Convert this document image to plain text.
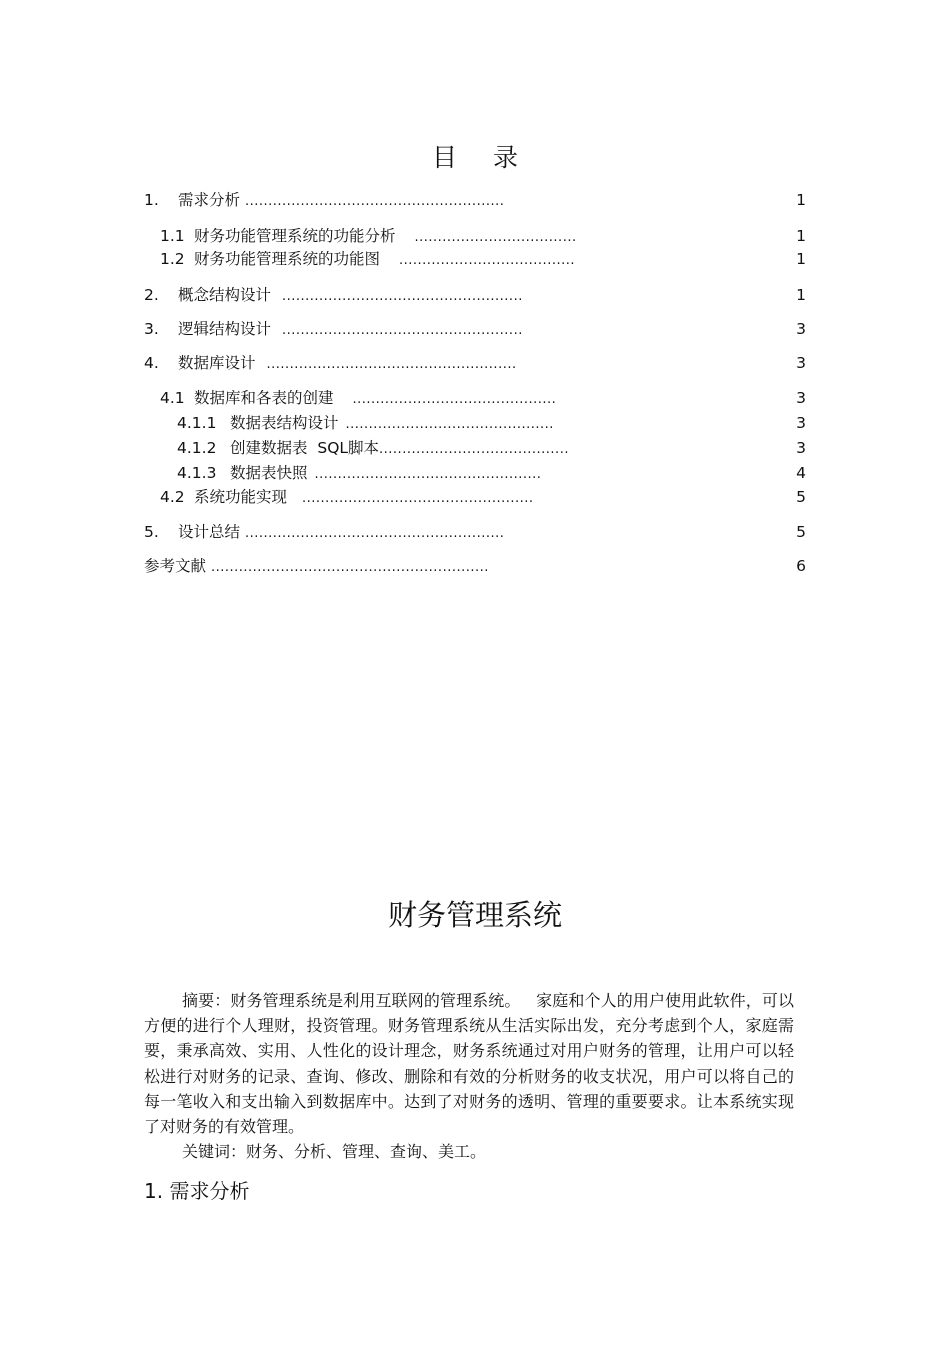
目 录
1. 需求分析 ........................................................	1
1.1 财务功能管理系统的功能分析 ...................................	1
1.2 财务功能管理系统的功能图 ......................................	1
2. 概念结构设计 ....................................................	1
3. 逻辑结构设计 ....................................................	3
4. 数据库设计 ......................................................	3
4.1 数据库和各表的创建 ............................................	3
4.1.1 数据表结构设计 .............................................	3
4.1.2 创建数据表  SQL脚本.........................................	3
4.1.3 数据表快照 .................................................	4
4.2 系统功能实现 ..................................................	5
5. 设计总结 ........................................................	5
参考文献 ............................................................	6
财务管理系统

摘要：财务管理系统是利用互联网的管理系统。   家庭和个人的用户使用此软件，可以方便的进行个人理财，投资管理。财务管理系统从生活实际出发，充分考虑到个人，家庭需要，秉承高效、实用、人性化的设计理念，财务系统通过对用户财务的管理，让用户可以轻松进行对财务的记录、查询、修改、删除和有效的分析财务的收支状况，用户可以将自己的每一笔收入和支出输入到数据库中。达到了对财务的透明、管理的重要要求。让本系统实现了对财务的有效管理。

关键词：财务、分析、管理、查询、美工。

1. 需求分析
